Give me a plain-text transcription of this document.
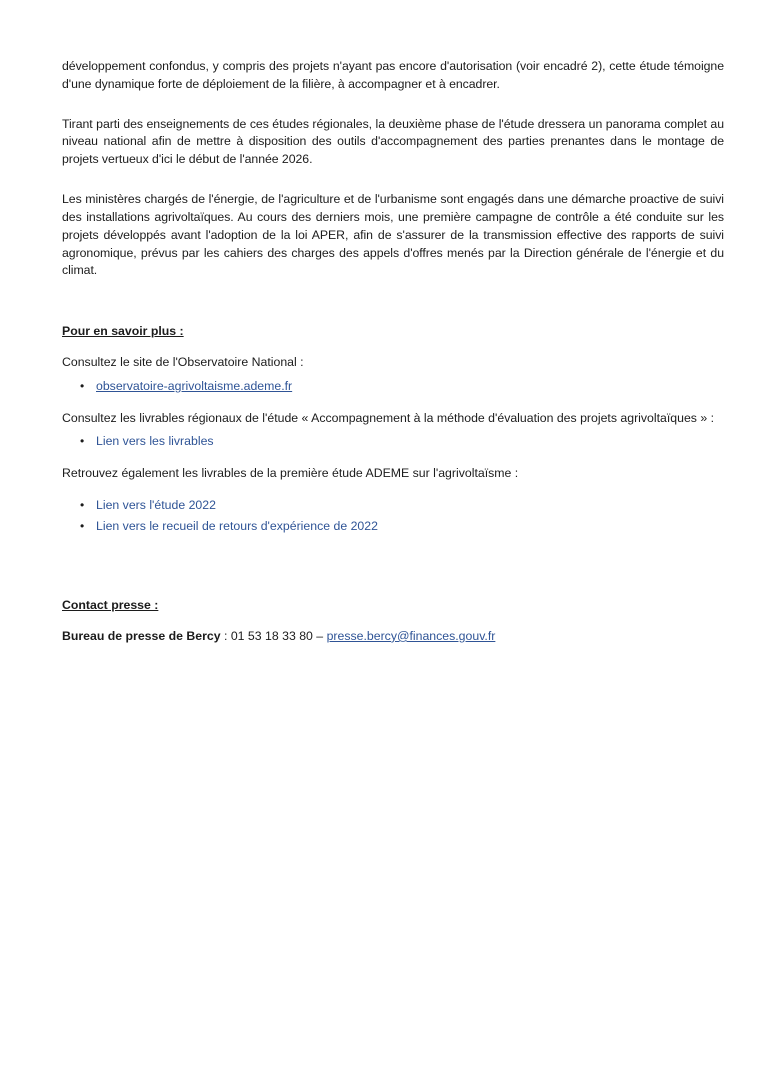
développement confondus, y compris des projets n'ayant pas encore d'autorisation (voir encadré 2), cette étude témoigne d'une dynamique forte de déploiement de la filière, à accompagner et à encadrer.

Tirant parti des enseignements de ces études régionales, la deuxième phase de l'étude dressera un panorama complet au niveau national afin de mettre à disposition des outils d'accompagnement des parties prenantes dans le montage de projets vertueux d'ici le début de l'année 2026.

Les ministères chargés de l'énergie, de l'agriculture et de l'urbanisme sont engagés dans une démarche proactive de suivi des installations agrivoltaïques. Au cours des derniers mois, une première campagne de contrôle a été conduite sur les projets développés avant l'adoption de la loi APER, afin de s'assurer de la transmission effective des rapports de suivi agronomique, prévus par les cahiers des charges des appels d'offres menés par la Direction générale de l'énergie et du climat.

Pour en savoir plus :

Consultez le site de l'Observatoire National :

• observatoire-agrivoltaisme.ademe.fr

Consultez les livrables régionaux de l'étude « Accompagnement à la méthode d'évaluation des projets agrivoltaïques » :

• Lien vers les livrables

Retrouvez également les livrables de la première étude ADEME sur l'agrivoltaïsme :

• Lien vers l'étude 2022
• Lien vers le recueil de retours d'expérience de 2022
Contact presse :

Bureau de presse de Bercy : 01 53 18 33 80 – presse.bercy@finances.gouv.fr
